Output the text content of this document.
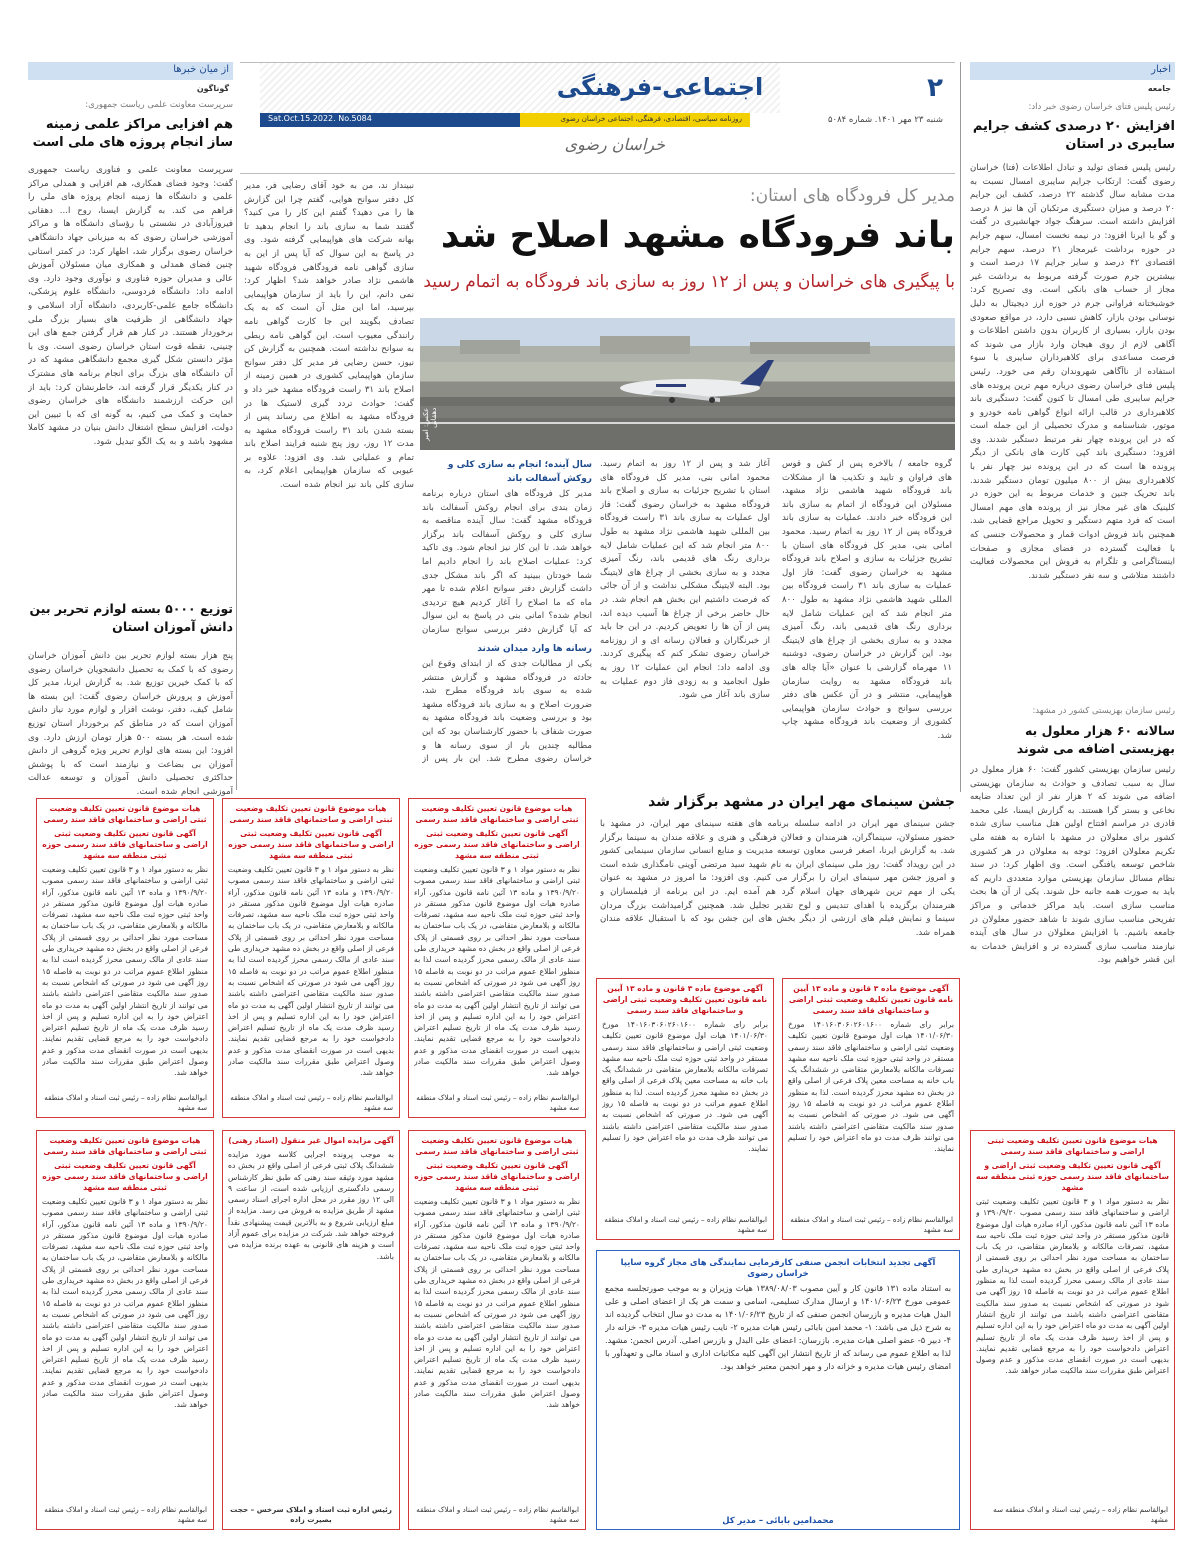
از میان خبرها
گوناگون
سرپرست معاونت علمی ریاست جمهوری:
هم افزایی مراکز علمی زمینه ساز انجام پروژه های ملی است
سرپرست معاونت علمی و فناوری ریاست جمهوری گفت: وجود فضای همکاری، هم افزایی و همدلی مراکز علمی و دانشگاه ها زمینه انجام پروژه های ملی را فراهم می کند. به گزارش ایسنا، روح ا... دهقانی فیروزآبادی در نشستی با رؤسای دانشگاه ها و مراکز آموزشی خراسان رضوی که به میزبانی جهاد دانشگاهی خراسان رضوی برگزار شد، اظهار کرد: در کمتر استانی چنین فضای همدلی و همکاری میان مسئولان آموزش عالی و مدیران حوزه فناوری و نوآوری وجود دارد. وی ادامه داد: دانشگاه فردوسی، دانشگاه علوم پزشکی، دانشگاه جامع علمی-کاربردی، دانشگاه آزاد اسلامی و جهاد دانشگاهی از ظرفیت های بسیار بزرگ ملی برخوردار هستند. در کنار هم قرار گرفتن جمع های این چنینی، نقطه قوت استان خراسان رضوی است. وی با مؤثر دانستن شکل گیری مجمع دانشگاهی مشهد که در آن دانشگاه های بزرگ برای انجام برنامه های مشترک در کنار یکدیگر قرار گرفته اند، خاطرنشان کرد: باید از این حرکت ارزشمند دانشگاه های خراسان رضوی حمایت و کمک می کنیم، به گونه ای که با تبیین این دولت، افزایش سطح اشتغال دانش بنیان در مشهد کاملا مشهود باشد و به یک الگو تبدیل شود.
توزیع ۵۰۰۰ بسته لوازم تحریر بین دانش آموزان استان
پنج هزار بسته لوازم تحریر بین دانش آموزان خراسان رضوی که با کمک به تحصیل دانشجویان خراسان رضوی که با کمک خیرین توزیع شد. به گزارش ایرنا، مدیر کل آموزش و پرورش خراسان رضوی گفت: این بسته ها شامل کیف، دفتر، نوشت افزار و لوازم مورد نیاز دانش آموزان است که در مناطق کم برخوردار استان توزیع شده است. هر بسته ۵۰۰ هزار تومان ارزش دارد. وی افزود: این بسته های لوازم تحریر ویژه گروهی از دانش آموزان بی بضاعت و نیازمند است که با پوشش حداکثری تحصیلی دانش آموزان و توسعه عدالت آموزشی انجام شده است.
اخبار
جامعه
رئیس پلیس فتای خراسان رضوی خبر داد:
افزایش ۲۰ درصدی کشف جرایم سایبری در استان
رئیس پلیس فضای تولید و تبادل اطلاعات (فتا) خراسان رضوی گفت: ارتکاب جرایم سایبری امسال نسبت به مدت مشابه سال گذشته ۲۲ درصد، کشف این جرایم ۲۰ درصد و میزان دستگیری مرتکبان آن ها نیز ۸ درصد افزایش داشته است. سرهنگ جواد جهانشیری در گفت و گو با ایرنا افزود: در نیمه نخست امسال، سهم جرایم در حوزه برداشت غیرمجاز ۲۱ درصد، سهم جرایم اقتصادی ۴۲ درصد و سایر جرایم ۱۷ درصد است و بیشترین جرم صورت گرفته مربوط به برداشت غیر مجاز از حساب های بانکی است. وی تصریح کرد: خوشبختانه فراوانی جرم در حوزه ارز دیجیتال به دلیل نوسانی بودن بازار، کاهش نسبی دارد، در مواقع صعودی بودن بازار، بسیاری از کاربران بدون داشتن اطلاعات و آگاهی لازم از روی هیجان وارد بازار می شوند که فرصت مساعدی برای کلاهبرداران سایبری با سوء استفاده از ناآگاهی شهروندان رقم می خورد. رئیس پلیس فتای خراسان رضوی درباره مهم ترین پرونده های جرایم سایبری طی امسال تا کنون گفت: دستگیری باند کلاهبرداری در قالب ارائه انواع گواهی نامه خودرو و موتور، شناسنامه و مدرک تحصیلی از این جمله است که در این پرونده چهار نفر مرتبط دستگیر شدند. وی افزود: دستگیری باند کپی کارت های بانکی از دیگر پرونده ها است که در این پرونده نیز چهار نفر با کلاهبرداری بیش از ۸۰۰ میلیون تومان دستگیر شدند. باند تحریک جنین و خدمات مربوط به این حوزه در کلینیک های غیر مجاز نیز از پرونده های مهم امسال است که فرد متهم دستگیر و تحویل مراجع قضایی شد. همچنین باند فروش ادوات قمار و محصولات جنسی که با فعالیت گسترده در فضای مجازی و صفحات اینستاگرامی و تلگرام به فروش این محصولات فعالیت داشتند متلاشی و سه نفر دستگیر شدند.
رئیس سازمان بهزیستی کشور در مشهد:
سالانه ۶۰ هزار معلول به بهزیستی اضافه می شوند
رئیس سازمان بهزیستی کشور گفت: ۶۰ هزار معلول در سال به سبب تصادف و حوادث به سازمان بهزیستی اضافه می شوند که ۲ هزار نفر از این تعداد ضایعه نخاعی و بستر گرا هستند. به گزارش ایسنا، علی محمد قادری در مراسم افتتاح اولین هتل مناسب سازی شده کشور برای معلولان در مشهد با اشاره به هفته ملی تکریم معلولان افزود: توجه به معلولان در هر کشوری شاخص توسعه یافتگی است. وی اظهار کرد: در سند نظام مسائل سازمان بهزیستی موارد متعددی داریم که باید به صورت همه جانبه حل شوند. یکی از آن ها بحث مناسب سازی است. باید مراکز خدماتی و مراکز تفریحی مناسب سازی شوند تا شاهد حضور معلولان در جامعه باشیم. با افزایش معلولان در سال های آینده نیازمند مناسب سازی گسترده تر و افزایش خدمات به این قشر خواهیم بود.
۲
اجتماعی-فرهنگی
شنبه ۲۳ مهر ۱۴۰۱. شماره ۵۰۸۴
روزنامه سیاسی، اقتصادی، فرهنگی، اجتماعی خراسان رضوی
Sat.Oct.15.2022. No.5084
خراسان رضوی
مدیر کل فرودگاه های استان:
باند فرودگاه مشهد اصلاح شد
با پیگیری های خراسان و پس از ۱۲ روز به سازی باند فرودگاه به اتمام رسید
عکس: امیر دهقانی
گروه جامعه / بالاخره پس از کش و قوس های فراوان و تایید و تکذیب ها از مشکلات باند فرودگاه شهید هاشمی نژاد مشهد، مسئولان این فرودگاه از اتمام به سازی باند این فرودگاه خبر دادند. عملیات به سازی باند فرودگاه پس از ۱۲ روز به اتمام رسید. محمود امانی بنی، مدیر کل فرودگاه های استان با تشریح جزئیات به سازی و اصلاح باند فرودگاه مشهد به خراسان رضوی گفت: فاز اول عملیات به سازی باند ۳۱ راست فرودگاه بین المللی شهید هاشمی نژاد مشهد به طول ۸۰۰ متر انجام شد که این عملیات شامل لایه برداری رنگ های قدیمی باند، رنگ آمیزی مجدد و به سازی بخشی از چراغ های لایتینگ بود. این گزارش در خراسان رضوی، دوشنبه ۱۱ مهرماه گزارشی با عنوان «آیا چاله های باند فرودگاه مشهد به روایت سازمان هواپیمایی، منتشر و در آن عکس های دفتر بررسی سوانح و حوادث سازمان هواپیمایی کشوری از وضعیت باند فرودگاه مشهد چاپ شد.
آغاز شد و پس از ۱۲ روز به اتمام رسید. محمود امانی بنی، مدیر کل فرودگاه های استان با تشریح جزئیات به سازی و اصلاح باند فرودگاه مشهد به خراسان رضوی گفت: فاز اول عملیات به سازی باند ۳۱ راست فرودگاه بین المللی شهید هاشمی نژاد مشهد به طول ۸۰۰ متر انجام شد که این عملیات شامل لایه برداری رنگ های قدیمی باند، رنگ آمیزی مجدد و به سازی بخشی از چراغ های لایتینگ بود. البته لایتینگ مشکلی نداشت و از آن جائی که فرصت داشتیم این بخش هم انجام شد. در حال حاضر برخی از چراغ ها آسیب دیده اند، پس از آن ها را تعویض کردیم. در این جا باید از خبرنگاران و فعالان رسانه ای و از روزنامه خراسان رضوی تشکر کنم که پیگیری کردند. وی ادامه داد: انجام این عملیات ۱۲ روز به طول انجامید و به زودی فاز دوم عملیات به سازی باند آغاز می شود.
سال آینده؛ انجام به سازی کلی و روکش آسفالت باند
مدیر کل فرودگاه های استان درباره برنامه زمان بندی برای انجام روکش آسفالت باند فرودگاه مشهد گفت: سال آینده مناقصه به سازی کلی و روکش آسفالت باند برگزار خواهد شد. تا این کار نیز انجام شود. وی تاکید کرد: عملیات اصلاح باند را انجام دادیم اما شما خودتان ببینید که اگر باند مشکل جدی داشت گزارش دفتر سوانح اعلام شده تا مهر ماه که ما اصلاح را آغاز کردیم هیچ تردیدی انجام شده؟ امانی بنی در پاسخ به این سوال که آیا گزارش دفتر بررسی سوانح سازمان
رسانه ها وارد میدان شدند
یکی از مطالبات جدی که از ابتدای وقوع این حادثه در فرودگاه مشهد و گزارش منتشر شده به سوی باند فرودگاه مطرح شد، ضرورت اصلاح و به سازی باند فرودگاه مشهد بود و بررسی وضعیت باند فرودگاه مشهد به صورت شفاف با حضور کارشناسان بود که این مطالبه چندین بار از سوی رسانه ها و خراسان رضوی مطرح شد. این بار پس از
نبینداز ند، من به خود آقای رضایی فر، مدیر کل دفتر سوانح هوایی، گفتم چرا این گزارش ها را می دهید؟ گفتم این کار را می کنید؟ گفتند شما به سازی باند را انجام بدهید تا بهانه شرکت های هواپیمایی گرفته شود. وی در پاسخ به این سوال که آیا پس از این به سازی گواهی نامه فرودگاهی فرودگاه شهید هاشمی نژاد صادر خواهد شد؟ اظهار کرد: نمی دانم، این را باید از سازمان هواپیمایی بپرسید، اما این مثل آن است که به یک تصادف بگویند این جا کارت گواهی نامه رانندگی معیوب است. این گواهی نامه ربطی به سوانح نداشته است. همچنین به گزارش کن نیوز، حسن رضایی فر مدیر کل دفتر سوانح سازمان هواپیمایی کشوری در همین زمینه از اصلاح باند ۳۱ راست فرودگاه مشهد خبر داد و گفت: حوادث تردد گیری لاستیک ها در فرودگاه مشهد به اطلاع می رساند پس از بسته شدن باند ۳۱ راست فرودگاه مشهد به مدت ۱۲ روز، روز پنج شنبه فرایند اصلاح باند تمام و عملیاتی شد. وی افزود: علاوه بر عیوبی که سازمان هواپیمایی اعلام کرد، به سازی کلی باند نیز انجام شده است.
جشن سینمای مهر ایران در مشهد برگزار شد
جشن سینمای مهر ایران در ادامه سلسله برنامه های هفته سینمای مهر ایران، در مشهد با حضور مسئولان، سینماگران، هنرمندان و فعالان فرهنگی و هنری و علاقه مندان به سینما برگزار شد. به گزارش ایرنا، اصغر فرسی معاون توسعه مدیریت و منابع انسانی سازمان سینمایی کشور در این رویداد گفت: روز ملی سینمای ایران به نام شهید سید مرتضی آوینی نامگذاری شده است و امروز جشن مهر سینمای ایران را برگزار می کنیم. وی افزود: ما امروز در مشهد به عنوان یکی از مهم ترین شهرهای جهان اسلام گرد هم آمده ایم. در این برنامه از فیلمسازان و هنرمندان برگزیده با اهدای تندیس و لوح تقدیر تجلیل شد. همچنین گرامیداشت بزرگ مردان سینما و نمایش فیلم های ارزشی از دیگر بخش های این جشن بود که با استقبال علاقه مندان همراه شد.
هیات موضوع قانون تعیین تکلیف وضعیت ثبتی اراضی و ساختمانهای فاقد سند رسمی
آگهی قانون تعیین تکلیف وضعیت ثبتی اراضی و ساختمانهای فاقد سند رسمی حوزه ثبتی منطقه سه مشهد
نظر به دستور مواد ۱ و ۳ قانون تعیین تکلیف وضعیت ثبتی اراضی و ساختمانهای فاقد سند رسمی مصوب ۱۳۹۰/۹/۲۰ و ماده ۱۳ آئین نامه قانون مذکور، آراء صادره هیات اول موضوع قانون مذکور مستقر در واحد ثبتی حوزه ثبت ملک ناحیه سه مشهد، تصرفات مالکانه و بلامعارض متقاضی، در یک باب ساختمان به مساحت مورد نظر احداثی بر روی قسمتی از پلاک فرعی از اصلی واقع در بخش ده مشهد خریداری طی سند عادی از مالک رسمی محرز گردیده است لذا به منظور اطلاع عموم مراتب در دو نوبت به فاصله ۱۵ روز آگهی می شود در صورتی که اشخاص نسبت به صدور سند مالکیت متقاضی اعتراضی داشته باشند می توانند از تاریخ انتشار اولین آگهی به مدت دو ماه اعتراض خود را به این اداره تسلیم و پس از اخذ رسید ظرف مدت یک ماه از تاریخ تسلیم اعتراض دادخواست خود را به مرجع قضایی تقدیم نمایند. بدیهی است در صورت انقضای مدت مذکور و عدم وصول اعتراض طبق مقررات سند مالکیت صادر خواهد شد.
ابوالقاسم نظام زاده – رئیس ثبت اسناد و املاک منطقه سه مشهد
هیات موضوع قانون تعیین تکلیف وضعیت ثبتی اراضی و ساختمانهای فاقد سند رسمی
آگهی قانون تعیین تکلیف وضعیت ثبتی اراضی و ساختمانهای فاقد سند رسمی حوزه ثبتی منطقه سه مشهد
نظر به دستور مواد ۱ و ۳ قانون تعیین تکلیف وضعیت ثبتی اراضی و ساختمانهای فاقد سند رسمی مصوب ۱۳۹۰/۹/۲۰ و ماده ۱۳ آئین نامه قانون مذکور، آراء صادره هیات اول موضوع قانون مذکور مستقر در واحد ثبتی حوزه ثبت ملک ناحیه سه مشهد، تصرفات مالکانه و بلامعارض متقاضی، در یک باب ساختمان به مساحت مورد نظر احداثی بر روی قسمتی از پلاک فرعی از اصلی واقع در بخش ده مشهد خریداری طی سند عادی از مالک رسمی محرز گردیده است لذا به منظور اطلاع عموم مراتب در دو نوبت به فاصله ۱۵ روز آگهی می شود در صورتی که اشخاص نسبت به صدور سند مالکیت متقاضی اعتراضی داشته باشند می توانند از تاریخ انتشار اولین آگهی به مدت دو ماه اعتراض خود را به این اداره تسلیم و پس از اخذ رسید ظرف مدت یک ماه از تاریخ تسلیم اعتراض دادخواست خود را به مرجع قضایی تقدیم نمایند. بدیهی است در صورت انقضای مدت مذکور و عدم وصول اعتراض طبق مقررات سند مالکیت صادر خواهد شد.
ابوالقاسم نظام زاده – رئیس ثبت اسناد و املاک منطقه سه مشهد
هیات موضوع قانون تعیین تکلیف وضعیت ثبتی اراضی و ساختمانهای فاقد سند رسمی
آگهی قانون تعیین تکلیف وضعیت ثبتی اراضی و ساختمانهای فاقد سند رسمی حوزه ثبتی منطقه سه مشهد
نظر به دستور مواد ۱ و ۳ قانون تعیین تکلیف وضعیت ثبتی اراضی و ساختمانهای فاقد سند رسمی مصوب ۱۳۹۰/۹/۲۰ و ماده ۱۳ آئین نامه قانون مذکور، آراء صادره هیات اول موضوع قانون مذکور مستقر در واحد ثبتی حوزه ثبت ملک ناحیه سه مشهد، تصرفات مالکانه و بلامعارض متقاضی، در یک باب ساختمان به مساحت مورد نظر احداثی بر روی قسمتی از پلاک فرعی از اصلی واقع در بخش ده مشهد خریداری طی سند عادی از مالک رسمی محرز گردیده است لذا به منظور اطلاع عموم مراتب در دو نوبت به فاصله ۱۵ روز آگهی می شود در صورتی که اشخاص نسبت به صدور سند مالکیت متقاضی اعتراضی داشته باشند می توانند از تاریخ انتشار اولین آگهی به مدت دو ماه اعتراض خود را به این اداره تسلیم و پس از اخذ رسید ظرف مدت یک ماه از تاریخ تسلیم اعتراض دادخواست خود را به مرجع قضایی تقدیم نمایند. بدیهی است در صورت انقضای مدت مذکور و عدم وصول اعتراض طبق مقررات سند مالکیت صادر خواهد شد.
ابوالقاسم نظام زاده – رئیس ثبت اسناد و املاک منطقه سه مشهد
آگهی موضوع ماده ۳ قانون و ماده ۱۳ آیین نامه قانون تعیین تکلیف وضعیت ثبتی اراضی و ساختمانهای فاقد سند رسمی
برابر رای شماره ۱۴۰۱۶۰۳۰۶۰۲۶۰۱۶۰۰ مورخ ۱۴۰۱/۰۶/۳۰ هیات اول موضوع قانون تعیین تکلیف وضعیت ثبتی اراضی و ساختمانهای فاقد سند رسمی مستقر در واحد ثبتی حوزه ثبت ملک ناحیه سه مشهد تصرفات مالکانه بلامعارض متقاضی در ششدانگ یک باب خانه به مساحت معین پلاک فرعی از اصلی واقع در بخش ده مشهد محرز گردیده است. لذا به منظور اطلاع عموم مراتب در دو نوبت به فاصله ۱۵ روز آگهی می شود. در صورتی که اشخاص نسبت به صدور سند مالکیت متقاضی اعتراضی داشته باشند می توانند ظرف مدت دو ماه اعتراض خود را تسلیم نمایند.
ابوالقاسم نظام زاده – رئیس ثبت اسناد و املاک منطقه سه مشهد
آگهی موضوع ماده ۳ قانون و ماده ۱۳ آیین نامه قانون تعیین تکلیف وضعیت ثبتی اراضی و ساختمانهای فاقد سند رسمی
برابر رای شماره ۱۴۰۱۶۰۳۰۶۰۲۶۰۱۶۰۰ مورخ ۱۴۰۱/۰۶/۳۰ هیات اول موضوع قانون تعیین تکلیف وضعیت ثبتی اراضی و ساختمانهای فاقد سند رسمی مستقر در واحد ثبتی حوزه ثبت ملک ناحیه سه مشهد تصرفات مالکانه بلامعارض متقاضی در ششدانگ یک باب خانه به مساحت معین پلاک فرعی از اصلی واقع در بخش ده مشهد محرز گردیده است. لذا به منظور اطلاع عموم مراتب در دو نوبت به فاصله ۱۵ روز آگهی می شود. در صورتی که اشخاص نسبت به صدور سند مالکیت متقاضی اعتراضی داشته باشند می توانند ظرف مدت دو ماه اعتراض خود را تسلیم نمایند.
ابوالقاسم نظام زاده – رئیس ثبت اسناد و املاک منطقه سه مشهد
هیات موضوع قانون تعیین تکلیف وضعیت ثبتی اراضی و ساختمانهای فاقد سند رسمی
آگهی قانون تعیین تکلیف وضعیت ثبتی اراضی و ساختمانهای فاقد سند رسمی حوزه ثبتی منطقه سه مشهد
نظر به دستور مواد ۱ و ۳ قانون تعیین تکلیف وضعیت ثبتی اراضی و ساختمانهای فاقد سند رسمی مصوب ۱۳۹۰/۹/۲۰ و ماده ۱۳ آئین نامه قانون مذکور، آراء صادره هیات اول موضوع قانون مذکور مستقر در واحد ثبتی حوزه ثبت ملک ناحیه سه مشهد، تصرفات مالکانه و بلامعارض متقاضی، در یک باب ساختمان به مساحت مورد نظر احداثی بر روی قسمتی از پلاک فرعی از اصلی واقع در بخش ده مشهد خریداری طی سند عادی از مالک رسمی محرز گردیده است لذا به منظور اطلاع عموم مراتب در دو نوبت به فاصله ۱۵ روز آگهی می شود در صورتی که اشخاص نسبت به صدور سند مالکیت متقاضی اعتراضی داشته باشند می توانند از تاریخ انتشار اولین آگهی به مدت دو ماه اعتراض خود را به این اداره تسلیم و پس از اخذ رسید ظرف مدت یک ماه از تاریخ تسلیم اعتراض دادخواست خود را به مرجع قضایی تقدیم نمایند. بدیهی است در صورت انقضای مدت مذکور و عدم وصول اعتراض طبق مقررات سند مالکیت صادر خواهد شد.
ابوالقاسم نظام زاده – رئیس ثبت اسناد و املاک منطقه سه مشهد
آگهی مزایده اموال غیر منقول (اسناد رهنی)
به موجب پرونده اجرایی کلاسه مورد مزایده ششدانگ پلاک ثبتی فرعی از اصلی واقع در بخش ده مشهد مورد وثیقه سند رهنی که طبق نظر کارشناس رسمی دادگستری ارزیابی شده است، از ساعت ۹ الی ۱۲ روز مقرر در محل اداره اجرای اسناد رسمی مشهد از طریق مزایده به فروش می رسد. مزایده از مبلغ ارزیابی شروع و به بالاترین قیمت پیشنهادی نقداً فروخته خواهد شد. شرکت در مزایده برای عموم آزاد است و هزینه های قانونی به عهده برنده مزایده می باشد.
رئیس اداره ثبت اسناد و املاک سرخس – حجت بصیرت زاده
هیات موضوع قانون تعیین تکلیف وضعیت ثبتی اراضی و ساختمانهای فاقد سند رسمی
آگهی قانون تعیین تکلیف وضعیت ثبتی اراضی و ساختمانهای فاقد سند رسمی حوزه ثبتی منطقه سه مشهد
نظر به دستور مواد ۱ و ۳ قانون تعیین تکلیف وضعیت ثبتی اراضی و ساختمانهای فاقد سند رسمی مصوب ۱۳۹۰/۹/۲۰ و ماده ۱۳ آئین نامه قانون مذکور، آراء صادره هیات اول موضوع قانون مذکور مستقر در واحد ثبتی حوزه ثبت ملک ناحیه سه مشهد، تصرفات مالکانه و بلامعارض متقاضی، در یک باب ساختمان به مساحت مورد نظر احداثی بر روی قسمتی از پلاک فرعی از اصلی واقع در بخش ده مشهد خریداری طی سند عادی از مالک رسمی محرز گردیده است لذا به منظور اطلاع عموم مراتب در دو نوبت به فاصله ۱۵ روز آگهی می شود در صورتی که اشخاص نسبت به صدور سند مالکیت متقاضی اعتراضی داشته باشند می توانند از تاریخ انتشار اولین آگهی به مدت دو ماه اعتراض خود را به این اداره تسلیم و پس از اخذ رسید ظرف مدت یک ماه از تاریخ تسلیم اعتراض دادخواست خود را به مرجع قضایی تقدیم نمایند. بدیهی است در صورت انقضای مدت مذکور و عدم وصول اعتراض طبق مقررات سند مالکیت صادر خواهد شد.
ابوالقاسم نظام زاده – رئیس ثبت اسناد و املاک منطقه سه مشهد
آگهی تجدید انتخابات انجمن صنفی کارفرمایی نمایندگی های مجاز گروه سایپا خراسان رضوی
به استناد ماده ۱۳۱ قانون کار و آیین مصوب ۱۳۸۹/۰۸/۰۳ هیات وزیران و به موجب صورتجلسه مجمع عمومی مورخ ۱۴۰۱/۰۶/۲۳ و ارسال مدارک تسلیمی، اسامی و سمت هر یک از اعضای اصلی و علی البدل هیات مدیره و بازرسان انجمن صنفی که از تاریخ ۱۴۰۱/۰۶/۲۳ به مدت دو سال انتخاب گردیده اند به شرح ذیل می باشد: ۱- محمد امین بابائی رئیس هیات مدیره ۲- نایب رئیس هیات مدیره ۳- خزانه دار ۴- دبیر ۵- عضو اصلی هیات مدیره. بازرسان: اعضای علی البدل و بازرس اصلی. آدرس انجمن: مشهد. لذا به اطلاع عموم می رساند که از تاریخ انتشار این آگهی کلیه مکاتبات اداری و اسناد مالی و تعهدآور با امضای رئیس هیات مدیره و خزانه دار و مهر انجمن معتبر خواهد بود.
محمدامین بابائی – مدیر کل
هیات موضوع قانون تعیین تکلیف وضعیت ثبتی اراضی و ساختمانهای فاقد سند رسمی
آگهی قانون تعیین تکلیف وضعیت ثبتی اراضی و ساختمانهای فاقد سند رسمی حوزه ثبتی منطقه سه مشهد
نظر به دستور مواد ۱ و ۳ قانون تعیین تکلیف وضعیت ثبتی اراضی و ساختمانهای فاقد سند رسمی مصوب ۱۳۹۰/۹/۲۰ و ماده ۱۳ آئین نامه قانون مذکور، آراء صادره هیات اول موضوع قانون مذکور مستقر در واحد ثبتی حوزه ثبت ملک ناحیه سه مشهد، تصرفات مالکانه و بلامعارض متقاضی، در یک باب ساختمان به مساحت مورد نظر احداثی بر روی قسمتی از پلاک فرعی از اصلی واقع در بخش ده مشهد خریداری طی سند عادی از مالک رسمی محرز گردیده است لذا به منظور اطلاع عموم مراتب در دو نوبت به فاصله ۱۵ روز آگهی می شود در صورتی که اشخاص نسبت به صدور سند مالکیت متقاضی اعتراضی داشته باشند می توانند از تاریخ انتشار اولین آگهی به مدت دو ماه اعتراض خود را به این اداره تسلیم و پس از اخذ رسید ظرف مدت یک ماه از تاریخ تسلیم اعتراض دادخواست خود را به مرجع قضایی تقدیم نمایند. بدیهی است در صورت انقضای مدت مذکور و عدم وصول اعتراض طبق مقررات سند مالکیت صادر خواهد شد.
ابوالقاسم نظام زاده – رئیس ثبت اسناد و املاک منطقه سه مشهد
